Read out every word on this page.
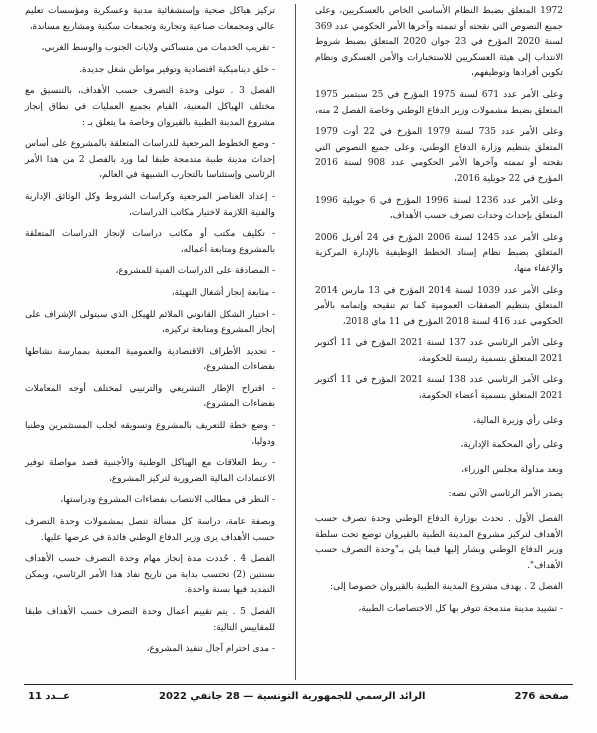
1972 المتعلق بضبط النظام الأساسي الخاص بالعسكريين، وعلى جميع النصوص التي نقحته أو تممته وآخرها الأمر الحكومي عدد 369 لسنة 2020 المؤرخ في 23 جوان 2020 المتعلق بضبط شروط الانتداب إلى هيئة العسكريين للاستخبارات والأمن العسكري ونظام تكوين أفرادها وتوظيفهم،

وعلى الأمر عدد 671 لسنة 1975 المؤرخ في 25 سبتمبر 1975 المتعلق بضبط مشمولات وزير الدفاع الوطني وخاصة الفصل 2 منه،

وعلى الأمر عدد 735 لسنة 1979 المؤرخ في 22 أوت 1979 المتعلق بتنظيم وزارة الدفاع الوطني، وعلى جميع النصوص التي نقحته أو تممته وآخرها الأمر الحكومي عدد 908 لسنة 2016 المؤرخ في 22 جويلية 2016،

وعلى الأمر عدد 1236 لسنة 1996 المؤرخ في 6 جويلية 1996 المتعلق بإحداث وحدات تصرف حسب الأهداف،

وعلى الأمر عدد 1245 لسنة 2006 المؤرخ في 24 أفريل 2006 المتعلق بضبط نظام إسناد الخطط الوظيفية بالإدارة المركزية والإعفاء منها،

وعلى الأمر عدد 1039 لسنة 2014 المؤرخ في 13 مارس 2014 المتعلق بتنظيم الصفقات العمومية كما تم تنقيحه وإتمامه بالأمر الحكومي عدد 416 لسنة 2018 المؤرخ في 11 ماي 2018،

وعلى الأمر الرئاسي عدد 137 لسنة 2021 المؤرخ في 11 أكتوبر 2021 المتعلق بتسمية رئيسة للحكومة،

وعلى الأمر الرئاسي عدد 138 لسنة 2021 المؤرخ في 11 أكتوبر 2021 المتعلق بتسمية أعضاء الحكومة،

وعلى رأي وزيرة المالية،

وعلى رأي المحكمة الإدارية،

وبعد مداولة مجلس الوزراء،

يصدر الأمر الرئاسي الآتي نصه:

الفصل الأول . تحدث بوزارة الدفاع الوطني وحدة تصرف حسب الأهداف لتركيز مشروع المدينة الطبية بالقيروان توضع تحت سلطة وزير الدفاع الوطني ويشار إليها فيما يلي بـ"وحدة التصرف حسب الأهداف".

الفصل 2 . يهدف مشروع المدينة الطبية بالقيروان خصوصا إلى:

- تشييد مدينة مندمجة تتوفر بها كل الاختصاصات الطبية،

تركيز هياكل صحية وإستشفائية مدنية وعسكرية ومؤسسات تعليم عالي ومجمعات صناعية وتجارية وتجمعات سكنية ومشاريع مساندة،

- تقريب الخدمات من متساكني ولايات الجنوب والوسط الغربي،

- خلق ديناميكية اقتصادية وتوفير مواطن شغل جديدة.

الفصل 3 . تتولى وحدة التصرف حسب الأهداف، بالتنسيق مع مختلف الهياكل المعنية، القيام بجميع العمليات في نطاق إنجاز مشروع المدينة الطبية بالقيروان وخاصة ما يتعلق بـ :

- وضع الخطوط المرجعية للدراسات المتعلقة بالمشروع على أساس إحداث مدينة طبية مندمجة طبقا لما ورد بالفصل 2 من هذا الأمر الرئاسي وإستئناسا بالتجارب الشبيهة في العالم،

- إعداد العناصر المرجعية وكراسات الشروط وكل الوثائق الإدارية والفنية اللازمة لاختيار مكاتب الدراسات،

- تكليف مكتب أو مكاتب دراسات لإنجاز الدراسات المتعلقة بالمشروع ومتابعة أعماله،

- المصادقة على الدراسات الفنية للمشروع،

- متابعة إنجاز أشغال التهيئة،

- اختيار الشكل القانوني الملائم للهيكل الذي سيتولى الإشراف على إنجاز المشروع ومتابعة تركيزه،

- تحديد الأطراف الاقتصادية والعمومية المعنية بممارسة نشاطها بفضاءات المشروع،

- اقتراح الإطار التشريعي والترتيبي لمختلف أوجه المعاملات بفضاءات المشروع،

- وضع خطة للتعريف بالمشروع وتسويقه لجلب المستثمرين وطنيا ودوليا،

- ربط العلاقات مع الهياكل الوطنية والأجنبية قصد مواصلة توفير الاعتمادات المالية الضرورية لتركيز المشروع،

- النظر في مطالب الانتصاب بفضاءات المشروع ودراستها،

وبصفة عامة، دراسة كل مسألة تتصل بمشمولات وحدة التصرف حسب الأهداف يرى وزير الدفاع الوطني فائدة في عرضها عليها.

الفصل 4 . حُددت مدة إنجاز مهام وحدة التصرف حسب الأهداف بسنتين (2) تحتسب بداية من تاريخ نفاذ هذا الأمر الرئاسي، ويمكن التمديد فيها بسنة واحدة.

الفصل 5 . يتم تقييم أعمال وحدة التصرف حسب الأهداف طبقا للمقاييس التالية:

- مدى احترام آجال تنفيذ المشروع،

صفحة 276
الرائد الرسمي للجمهورية التونسية — 28 جانفي 2022
عــدد 11
